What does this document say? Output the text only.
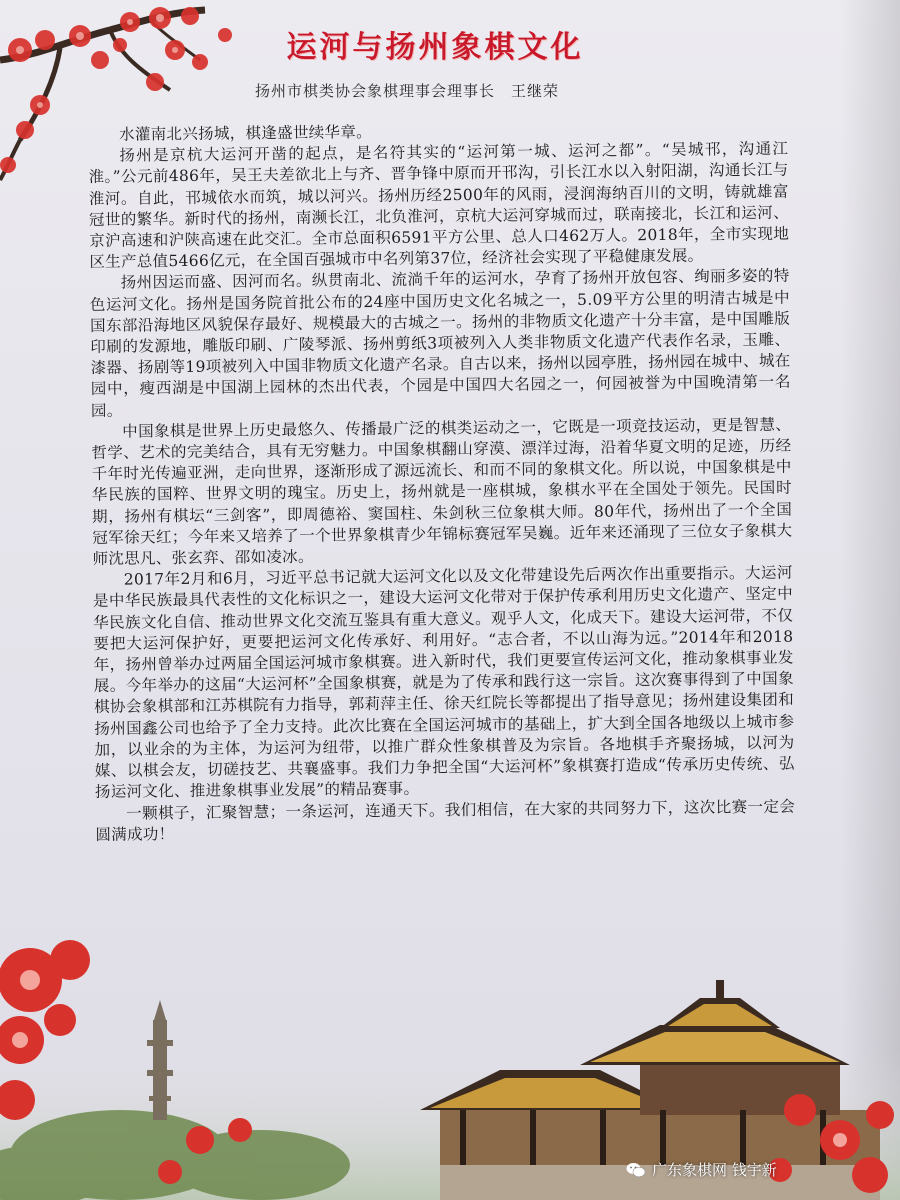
运河与扬州象棋文化
扬州市棋类协会象棋理事会理事长　王继荣

水灌南北兴扬城，棋逢盛世续华章。

扬州是京杭大运河开凿的起点，是名符其实的“运河第一城、运河之都”。“吴城邗，沟通江淮。”公元前486年，吴王夫差欲北上与齐、晋争锋中原而开邗沟，引长江水以入射阳湖，沟通长江与淮河。自此，邗城依水而筑，城以河兴。扬州历经2500年的风雨，浸润海纳百川的文明，铸就雄富冠世的繁华。新时代的扬州，南濒长江，北负淮河，京杭大运河穿城而过，联南接北，长江和运河、京沪高速和沪陕高速在此交汇。全市总面积6591平方公里、总人口462万人。2018年，全市实现地区生产总值5466亿元，在全国百强城市中名列第37位，经济社会实现了平稳健康发展。

扬州因运而盛、因河而名。纵贯南北、流淌千年的运河水，孕育了扬州开放包容、绚丽多姿的特色运河文化。扬州是国务院首批公布的24座中国历史文化名城之一，5.09平方公里的明清古城是中国东部沿海地区风貌保存最好、规模最大的古城之一。扬州的非物质文化遗产十分丰富，是中国雕版印刷的发源地，雕版印刷、广陵琴派、扬州剪纸3项被列入人类非物质文化遗产代表作名录，玉雕、漆器、扬剧等19项被列入中国非物质文化遗产名录。自古以来，扬州以园亭胜，扬州园在城中、城在园中，瘦西湖是中国湖上园林的杰出代表，个园是中国四大名园之一，何园被誉为中国晚清第一名园。

中国象棋是世界上历史最悠久、传播最广泛的棋类运动之一，它既是一项竞技运动，更是智慧、哲学、艺术的完美结合，具有无穷魅力。中国象棋翻山穿漠、漂洋过海，沿着华夏文明的足迹，历经千年时光传遍亚洲，走向世界，逐渐形成了源远流长、和而不同的象棋文化。所以说，中国象棋是中华民族的国粹、世界文明的瑰宝。历史上，扬州就是一座棋城，象棋水平在全国处于领先。民国时期，扬州有棋坛“三剑客”，即周德裕、窦国柱、朱剑秋三位象棋大师。80年代，扬州出了一个全国冠军徐天红；今年来又培养了一个世界象棋青少年锦标赛冠军吴巍。近年来还涌现了三位女子象棋大师沈思凡、张玄弈、邵如凌冰。

2017年2月和6月，习近平总书记就大运河文化以及文化带建设先后两次作出重要指示。大运河是中华民族最具代表性的文化标识之一，建设大运河文化带对于保护传承利用历史文化遗产、坚定中华民族文化自信、推动世界文化交流互鉴具有重大意义。观乎人文，化成天下。建设大运河带，不仅要把大运河保护好，更要把运河文化传承好、利用好。“志合者，不以山海为远。”2014年和2018年，扬州曾举办过两届全国运河城市象棋赛。进入新时代，我们更要宣传运河文化，推动象棋事业发展。今年举办的这届“大运河杯”全国象棋赛，就是为了传承和践行这一宗旨。这次赛事得到了中国象棋协会象棋部和江苏棋院有力指导，郭莉萍主任、徐天红院长等都提出了指导意见；扬州建设集团和扬州国鑫公司也给予了全力支持。此次比赛在全国运河城市的基础上，扩大到全国各地级以上城市参加，以业余的为主体，为运河为纽带，以推广群众性象棋普及为宗旨。各地棋手齐聚扬城，以河为媒、以棋会友，切磋技艺、共襄盛事。我们力争把全国“大运河杯”象棋赛打造成“传承历史传统、弘扬运河文化、推进象棋事业发展”的精品赛事。

一颗棋子，汇聚智慧；一条运河，连通天下。我们相信，在大家的共同努力下，这次比赛一定会圆满成功！

广东象棋网 钱宇新
